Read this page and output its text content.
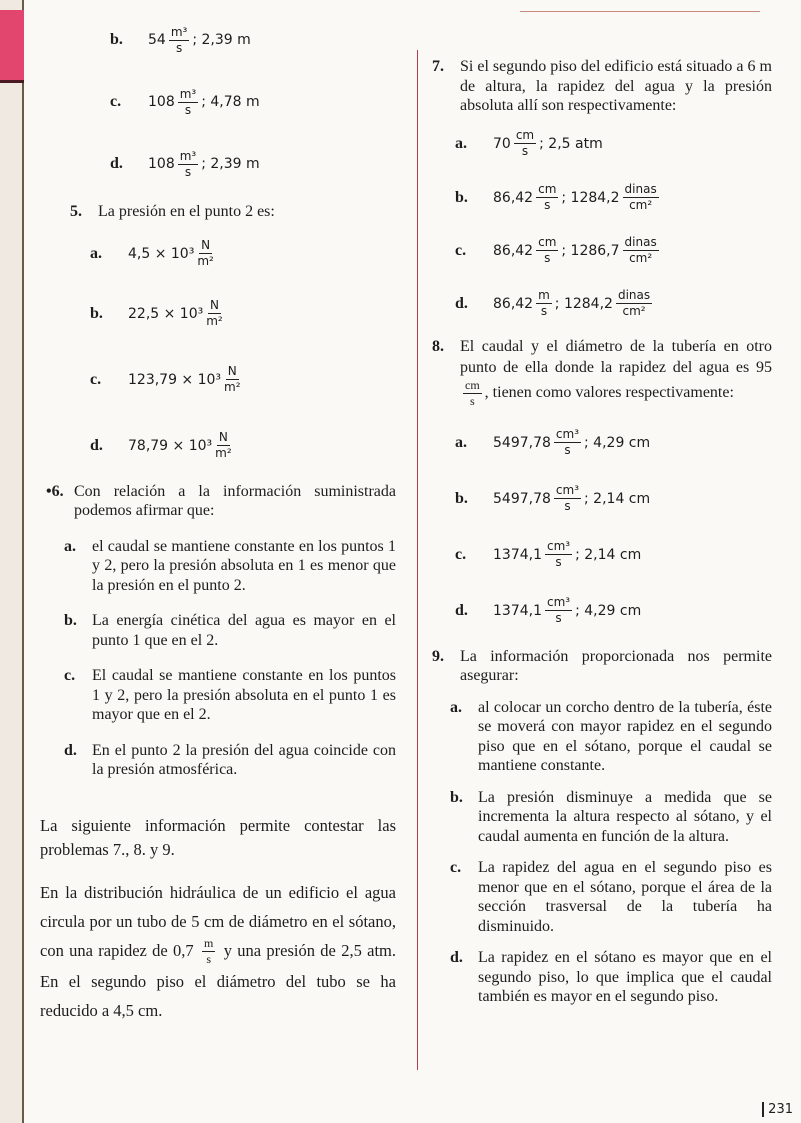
b.	$54 \frac{\text{m³}}{s}$ ; 2,39 m
c.	$108 \frac{\text{m³}}{s}$ ; 4,78 m
d.	$108 \frac{\text{m³}}{s}$ ; 2,39 m
5. La presión en el punto 2 es:
a.	$4,5 \times 10^3 \frac{N}{\text{m²}}$
b.	$22,5 \times 10^3 \frac{N}{\text{m²}}$
c.	$123,79 \times 10^3 \frac{N}{\text{m²}}$
d.	$78,79 \times 10^3 \frac{N}{\text{m²}}$
•6. Con relación a la información suministrada podemos afirmar que:
a. el caudal se mantiene constante en los puntos 1 y 2, pero la presión absoluta en 1 es menor que la presión en el punto 2.
b. La energía cinética del agua es mayor en el punto 1 que en el 2.
c. El caudal se mantiene constante en los puntos 1 y 2, pero la presión absoluta en el punto 1 es mayor que en el 2.
d. En el punto 2 la presión del agua coincide con la presión atmosférica.
La siguiente información permite contestar las problemas 7., 8. y 9.
En la distribución hidráulica de un edificio el agua circula por un tubo de 5 cm de diámetro en el sótano, con una rapidez de $0,7 \frac{m}{s}$ y una presión de 2,5 atm. En el segundo piso el diámetro del tubo se ha reducido a 4,5 cm.
7. Si el segundo piso del edificio está situado a 6 m de altura, la rapidez del agua y la presión absoluta allí son respectivamente:
a.	$70 \frac{cm}{s}$ ; 2,5 atm
b.	$86,42 \frac{cm}{s}$ ; $1284,2 \frac{\text{dinas}}{\text{cm²}}$
c.	$86,42 \frac{cm}{s}$ ; $1286,7 \frac{\text{dinas}}{\text{cm²}}$
d.	$86,42 \frac{m}{s}$ ; $1284,2 \frac{\text{dinas}}{\text{cm²}}$
8. El caudal y el diámetro de la tubería en otro punto de ella donde la rapidez del agua es 95
$\frac{cm}{s}$ , tienen como valores respectivamente:
a.	$5497,78 \frac{\text{cm³}}{s}$ ; 4,29 cm
b.	$5497,78 \frac{\text{cm³}}{s}$ ; 2,14 cm
c.	$1374,1 \frac{\text{cm³}}{s}$ ; 2,14 cm
d.	$1374,1 \frac{\text{cm³}}{s}$ ; 4,29 cm
9. La información proporcionada nos permite asegurar:
a. al colocar un corcho dentro de la tubería, éste se moverá con mayor rapidez en el segundo piso que en el sótano, porque el caudal se mantiene constante.
b. La presión disminuye a medida que se incrementa la altura respecto al sótano, y el caudal aumenta en función de la altura.
c. La rapidez del agua en el segundo piso es menor que en el sótano, porque el área de la sección trasversal de la tubería ha disminuido.
d. La rapidez en el sótano es mayor que en el segundo piso, lo que implica que el caudal también es mayor en el segundo piso.
231
